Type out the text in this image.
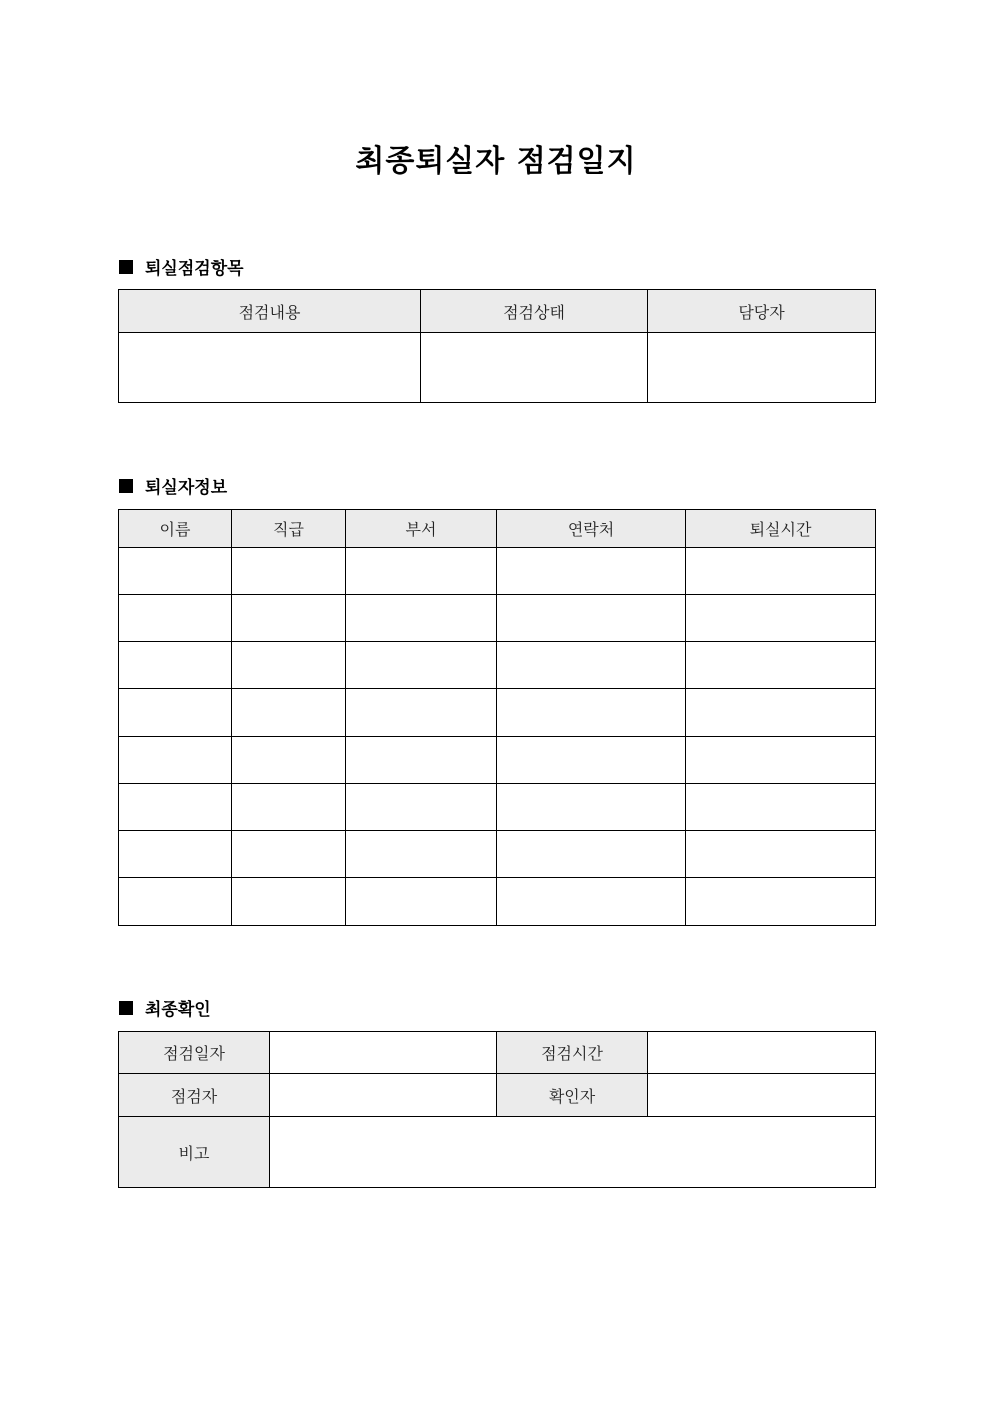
최종퇴실자 점검일지
퇴실점검항목
점검내용	점검상태	담당자

퇴실자정보
이름	직급	부서	연락처	퇴실시간

최종확인
점검일자		점검시간	
점검자		확인자	
비고			
